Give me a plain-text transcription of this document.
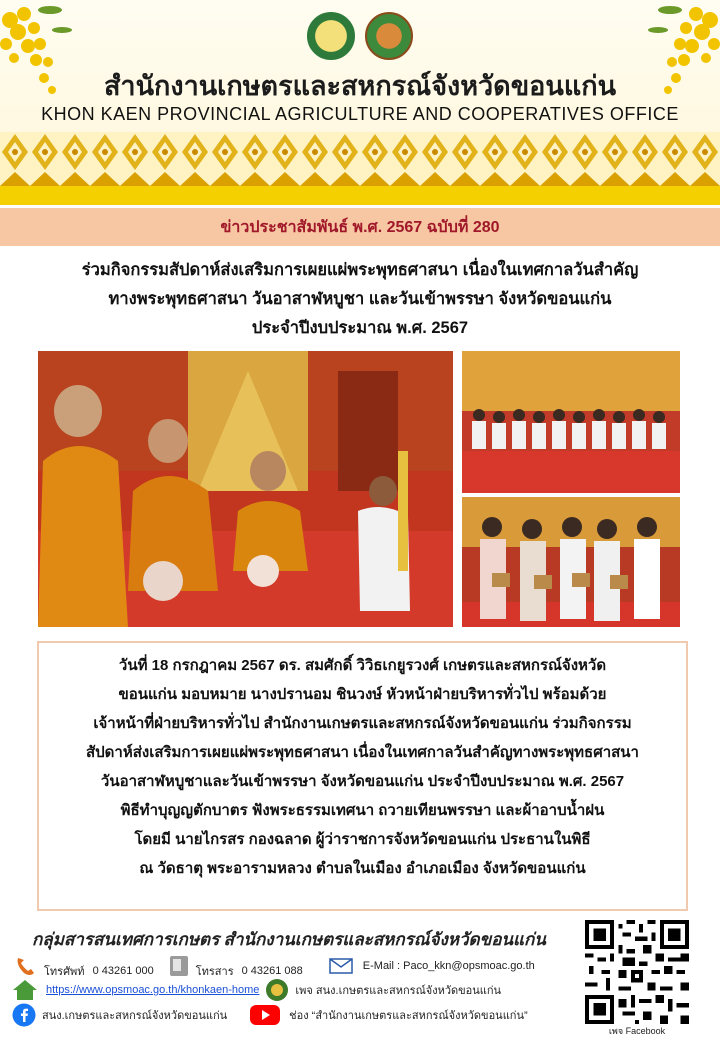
สำนักงานเกษตรและสหกรณ์จังหวัดขอนแก่น
KHON KAEN PROVINCIAL AGRICULTURE AND COOPERATIVES OFFICE
ข่าวประชาสัมพันธ์ พ.ศ. 2567 ฉบับที่ 280
ร่วมกิจกรรมสัปดาห์ส่งเสริมการเผยแผ่พระพุทธศาสนา เนื่องในเทศกาลวันสำคัญ
ทางพระพุทธศาสนา วันอาสาฬหบูชา และวันเข้าพรรษา จังหวัดขอนแก่น
ประจำปีงบประมาณ พ.ศ. 2567

วันที่ 18 กรกฎาคม 2567 ดร. สมศักดิ์ วิวิธเกยูรวงศ์ เกษตรและสหกรณ์จังหวัด

ขอนแก่น มอบหมาย นางปรานอม ชินวงษ์ หัวหน้าฝ่ายบริหารทั่วไป พร้อมด้วย

เจ้าหน้าที่ฝ่ายบริหารทั่วไป สำนักงานเกษตรและสหกรณ์จังหวัดขอนแก่น ร่วมกิจกรรม

สัปดาห์ส่งเสริมการเผยแผ่พระพุทธศาสนา เนื่องในเทศกาลวันสำคัญทางพระพุทธศาสนา

วันอาสาฬหบูชาและวันเข้าพรรษา จังหวัดขอนแก่น ประจำปีงบประมาณ พ.ศ. 2567

พิธีทำบุญญตักบาตร ฟังพระธรรมเทศนา ถวายเทียนพรรษา และผ้าอาบน้ำฝน

โดยมี นายไกรสร กองฉลาด ผู้ว่าราชการจังหวัดขอนแก่น ประธานในพิธี

ณ วัดธาตุ พระอารามหลวง ตำบลในเมือง อำเภอเมือง จังหวัดขอนแก่น

กลุ่มสารสนเทศการเกษตร สำนักงานเกษตรและสหกรณ์จังหวัดขอนแก่น
โทรศัพท์ 0 43261 000	โทรสาร 0 43261 088	E-Mail : Paco_kkn@opsmoac.go.th
https://www.opsmoac.go.th/khonkaen-home	เพจ สนง.เกษตรและสหกรณ์จังหวัดขอนแก่น
สนง.เกษตรและสหกรณ์จังหวัดขอนแก่น	ช่อง “สำนักงานเกษตรและสหกรณ์จังหวัดขอนแก่น”
เพจ Facebook
